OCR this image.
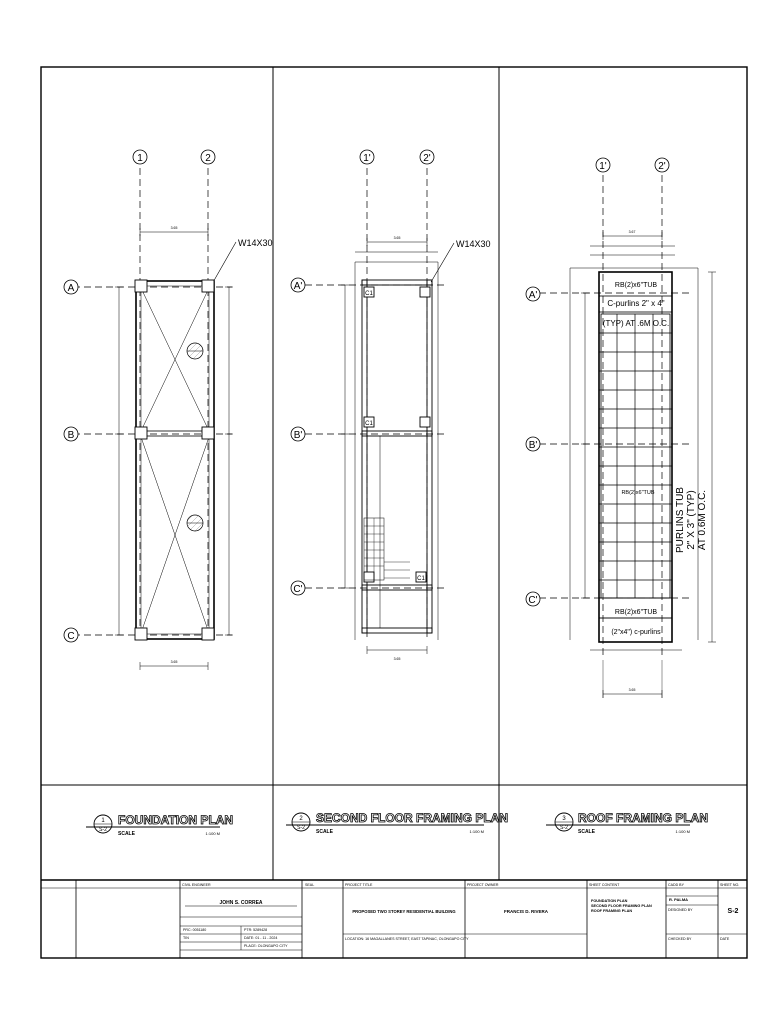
1	2
A
B
C
3.65
W14X30
3.65
1'	2'
A'
B'
C'
3.65
W14X30
C1
C1
C1
3.65
1'	2'
A'
B'
C'
3.67
RB(2)x6"TUB
C-purlins 2" x 4"
(TYP) AT .6M O.C.
RB(2)x6"TUB
RB(2)x6"TUB
(2"x4") c-purlins
PURLINS TUB 2" X 3" (TYP) AT 0.6M O.C.
3.65
1
S-2
FOUNDATION PLAN
SCALE	1:100 M
2
S-2
SECOND FLOOR FRAMING PLAN
SCALE	1:100 M
3
S-2
ROOF FRAMING PLAN
SCALE	1:100 M
CIVIL ENGINEER
JOHN S. CORREA
PRC: 0051180	PTR: 5289428
TIN	DATE: 01 - 11 - 2024
PLACE: OLONGAPO CITY
SEAL	PROJECT TITLE
PROPOSED TWO STOREY RESIDENTIAL BUILDING
LOCATION: 16 MAGALLANES STREET, EAST TAPINAC, OLONGAPO CITY
PROJECT OWNER
FRANCIS D. RIVERA
SHEET CONTENT
FOUNDATION PLAN
SECOND FLOOR FRAMING PLAN
ROOF FRAMING PLAN
CADD BY
R. PALMA
DESIGNED BY
CHECKED BY
SHEET NO.
S-2
DATE
